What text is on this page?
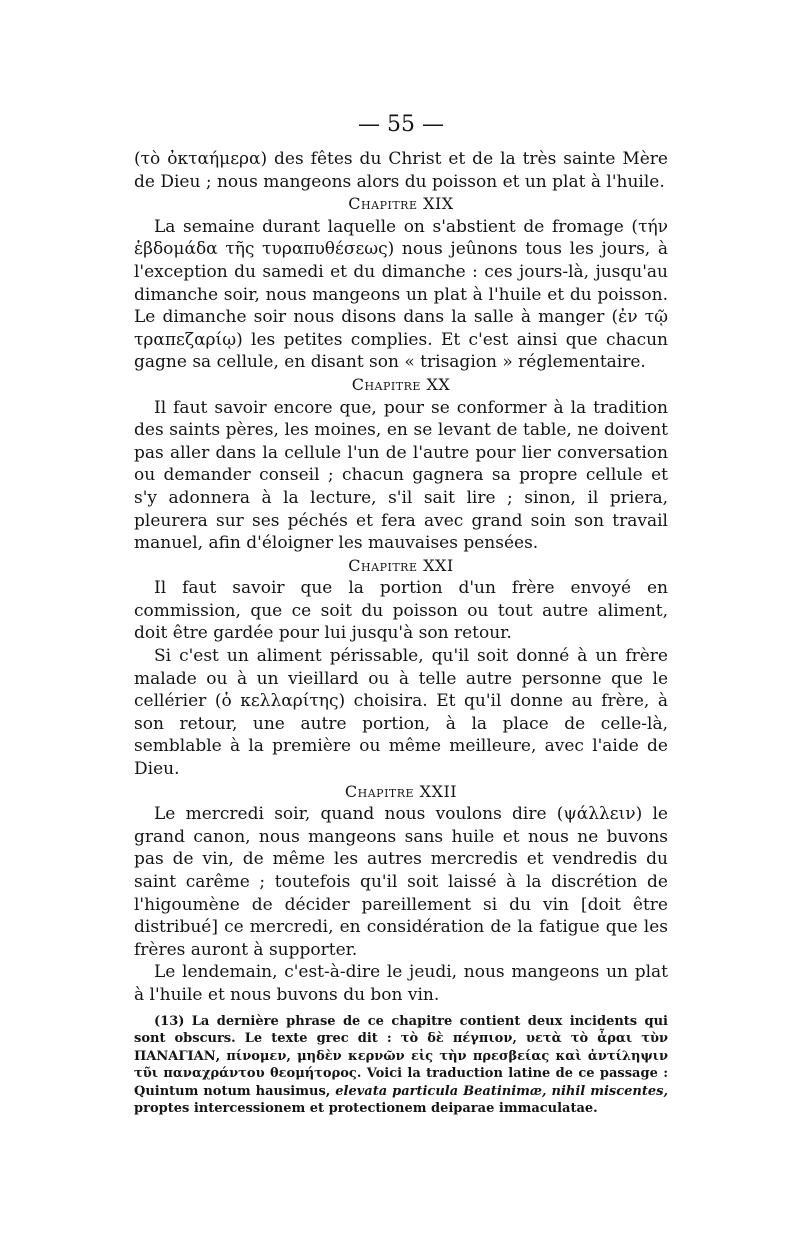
— 55 —

(τὸ ὀκταήμερα) des fêtes du Christ et de la très sainte Mère de Dieu ; nous mangeons alors du poisson et un plat à l'huile.

Chapitre XIX

La semaine durant laquelle on s'abstient de fromage (τήν ἑβδομάδα τῆς τυραπυθέσεως) nous jeûnons tous les jours, à l'exception du samedi et du dimanche : ces jours-là, jusqu'au dimanche soir, nous mangeons un plat à l'huile et du poisson. Le dimanche soir nous disons dans la salle à manger (ἐν τῷ τραπεζαρίῳ) les petites complies. Et c'est ainsi que chacun gagne sa cellule, en disant son « trisagion » réglementaire.

Chapitre XX

Il faut savoir encore que, pour se conformer à la tradition des saints pères, les moines, en se levant de table, ne doivent pas aller dans la cellule l'un de l'autre pour lier conversation ou demander conseil ; chacun gagnera sa propre cellule et s'y adonnera à la lecture, s'il sait lire ; sinon, il priera, pleurera sur ses péchés et fera avec grand soin son travail manuel, afin d'éloigner les mauvaises pensées.

Chapitre XXI

Il faut savoir que la portion d'un frère envoyé en commission, que ce soit du poisson ou tout autre aliment, doit être gardée pour lui jusqu'à son retour.

Si c'est un aliment périssable, qu'il soit donné à un frère malade ou à un vieillard ou à telle autre personne que le cellérier (ὁ κελλαρίτης) choisira. Et qu'il donne au frère, à son retour, une autre portion, à la place de celle-là, semblable à la première ou même meilleure, avec l'aide de Dieu.

Chapitre XXII

Le mercredi soir, quand nous voulons dire (ψάλλειν) le grand canon, nous mangeons sans huile et nous ne buvons pas de vin, de même les autres mercredis et vendredis du saint carême ; toutefois qu'il soit laissé à la discrétion de l'higoumène de décider pareillement si du vin [doit être distribué] ce mercredi, en considération de la fatigue que les frères auront à supporter.

Le lendemain, c'est-à-dire le jeudi, nous mangeons un plat à l'huile et nous buvons du bon vin.

(13) La dernière phrase de ce chapitre contient deux incidents qui sont obscurs. Le texte grec dit : τὸ δὲ πέγπιον, υετὰ τὸ ἆραι τὺν ΠΑΝΑΓΙΑΝ, πίνομεν, μηδὲν κερνῶν εἰς τὴν πρεσβείας καὶ ἀντίληψιν τῦι παναχράντου θεομήτορος. Voici la traduction latine de ce passage : Quintum notum hausimus, elevata particula Beatinimæ, nihil miscentes, proptes intercessionem et protectionem deiparae immaculatae.
